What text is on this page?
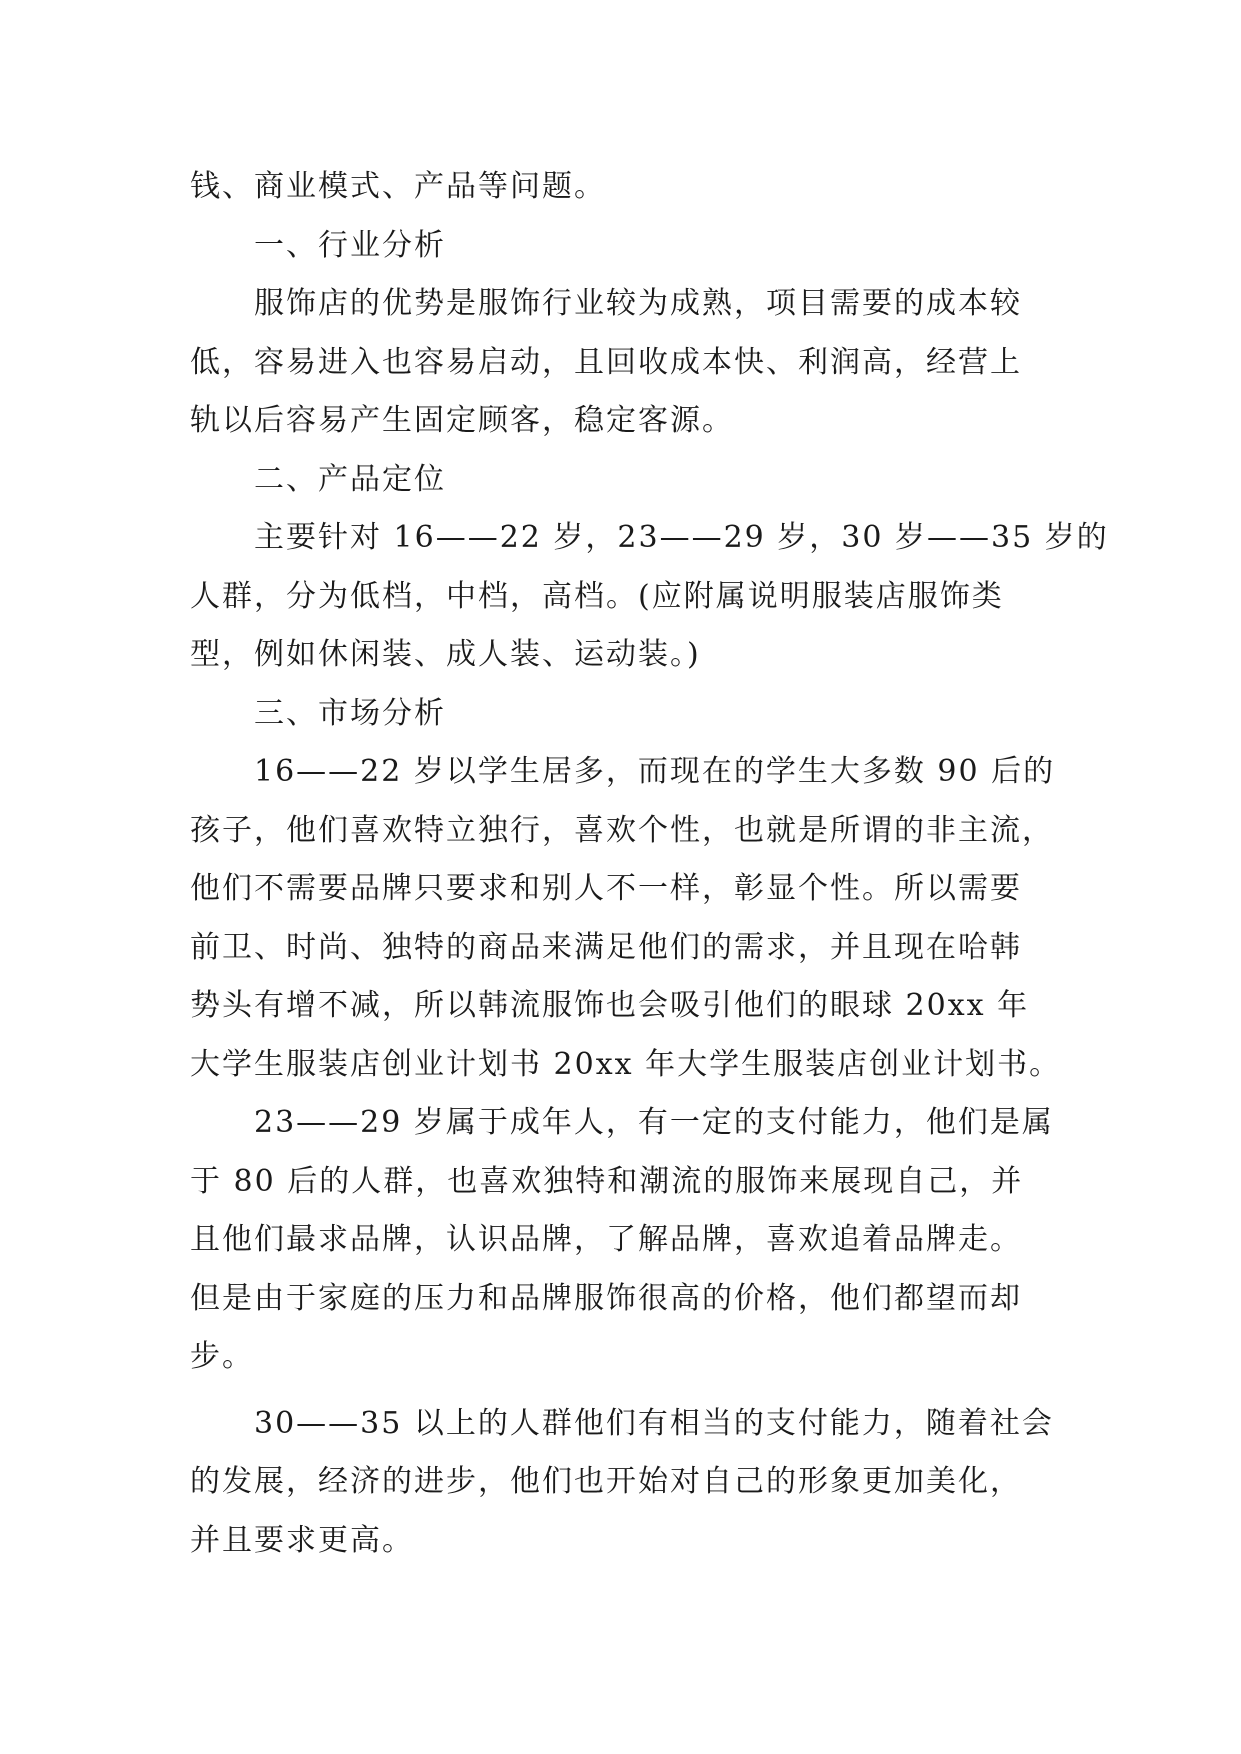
钱、商业模式、产品等问题。
一、行业分析
服饰店的优势是服饰行业较为成熟，项目需要的成本较
低，容易进入也容易启动，且回收成本快、利润高，经营上
轨以后容易产生固定顾客，稳定客源。
二、产品定位
主要针对 16——22 岁，23——29 岁，30 岁——35 岁的
人群，分为低档，中档，高档。(应附属说明服装店服饰类
型，例如休闲装、成人装、运动装。)
三、市场分析
16——22 岁以学生居多，而现在的学生大多数 90 后的
孩子，他们喜欢特立独行，喜欢个性，也就是所谓的非主流，
他们不需要品牌只要求和别人不一样，彰显个性。所以需要
前卫、时尚、独特的商品来满足他们的需求，并且现在哈韩
势头有增不减，所以韩流服饰也会吸引他们的眼球 20xx 年
大学生服装店创业计划书 20xx 年大学生服装店创业计划书。
23——29 岁属于成年人，有一定的支付能力，他们是属
于 80 后的人群，也喜欢独特和潮流的服饰来展现自己，并
且他们最求品牌，认识品牌，了解品牌，喜欢追着品牌走。
但是由于家庭的压力和品牌服饰很高的价格，他们都望而却
步。
30——35 以上的人群他们有相当的支付能力，随着社会
的发展，经济的进步，他们也开始对自己的形象更加美化，
并且要求更高。
